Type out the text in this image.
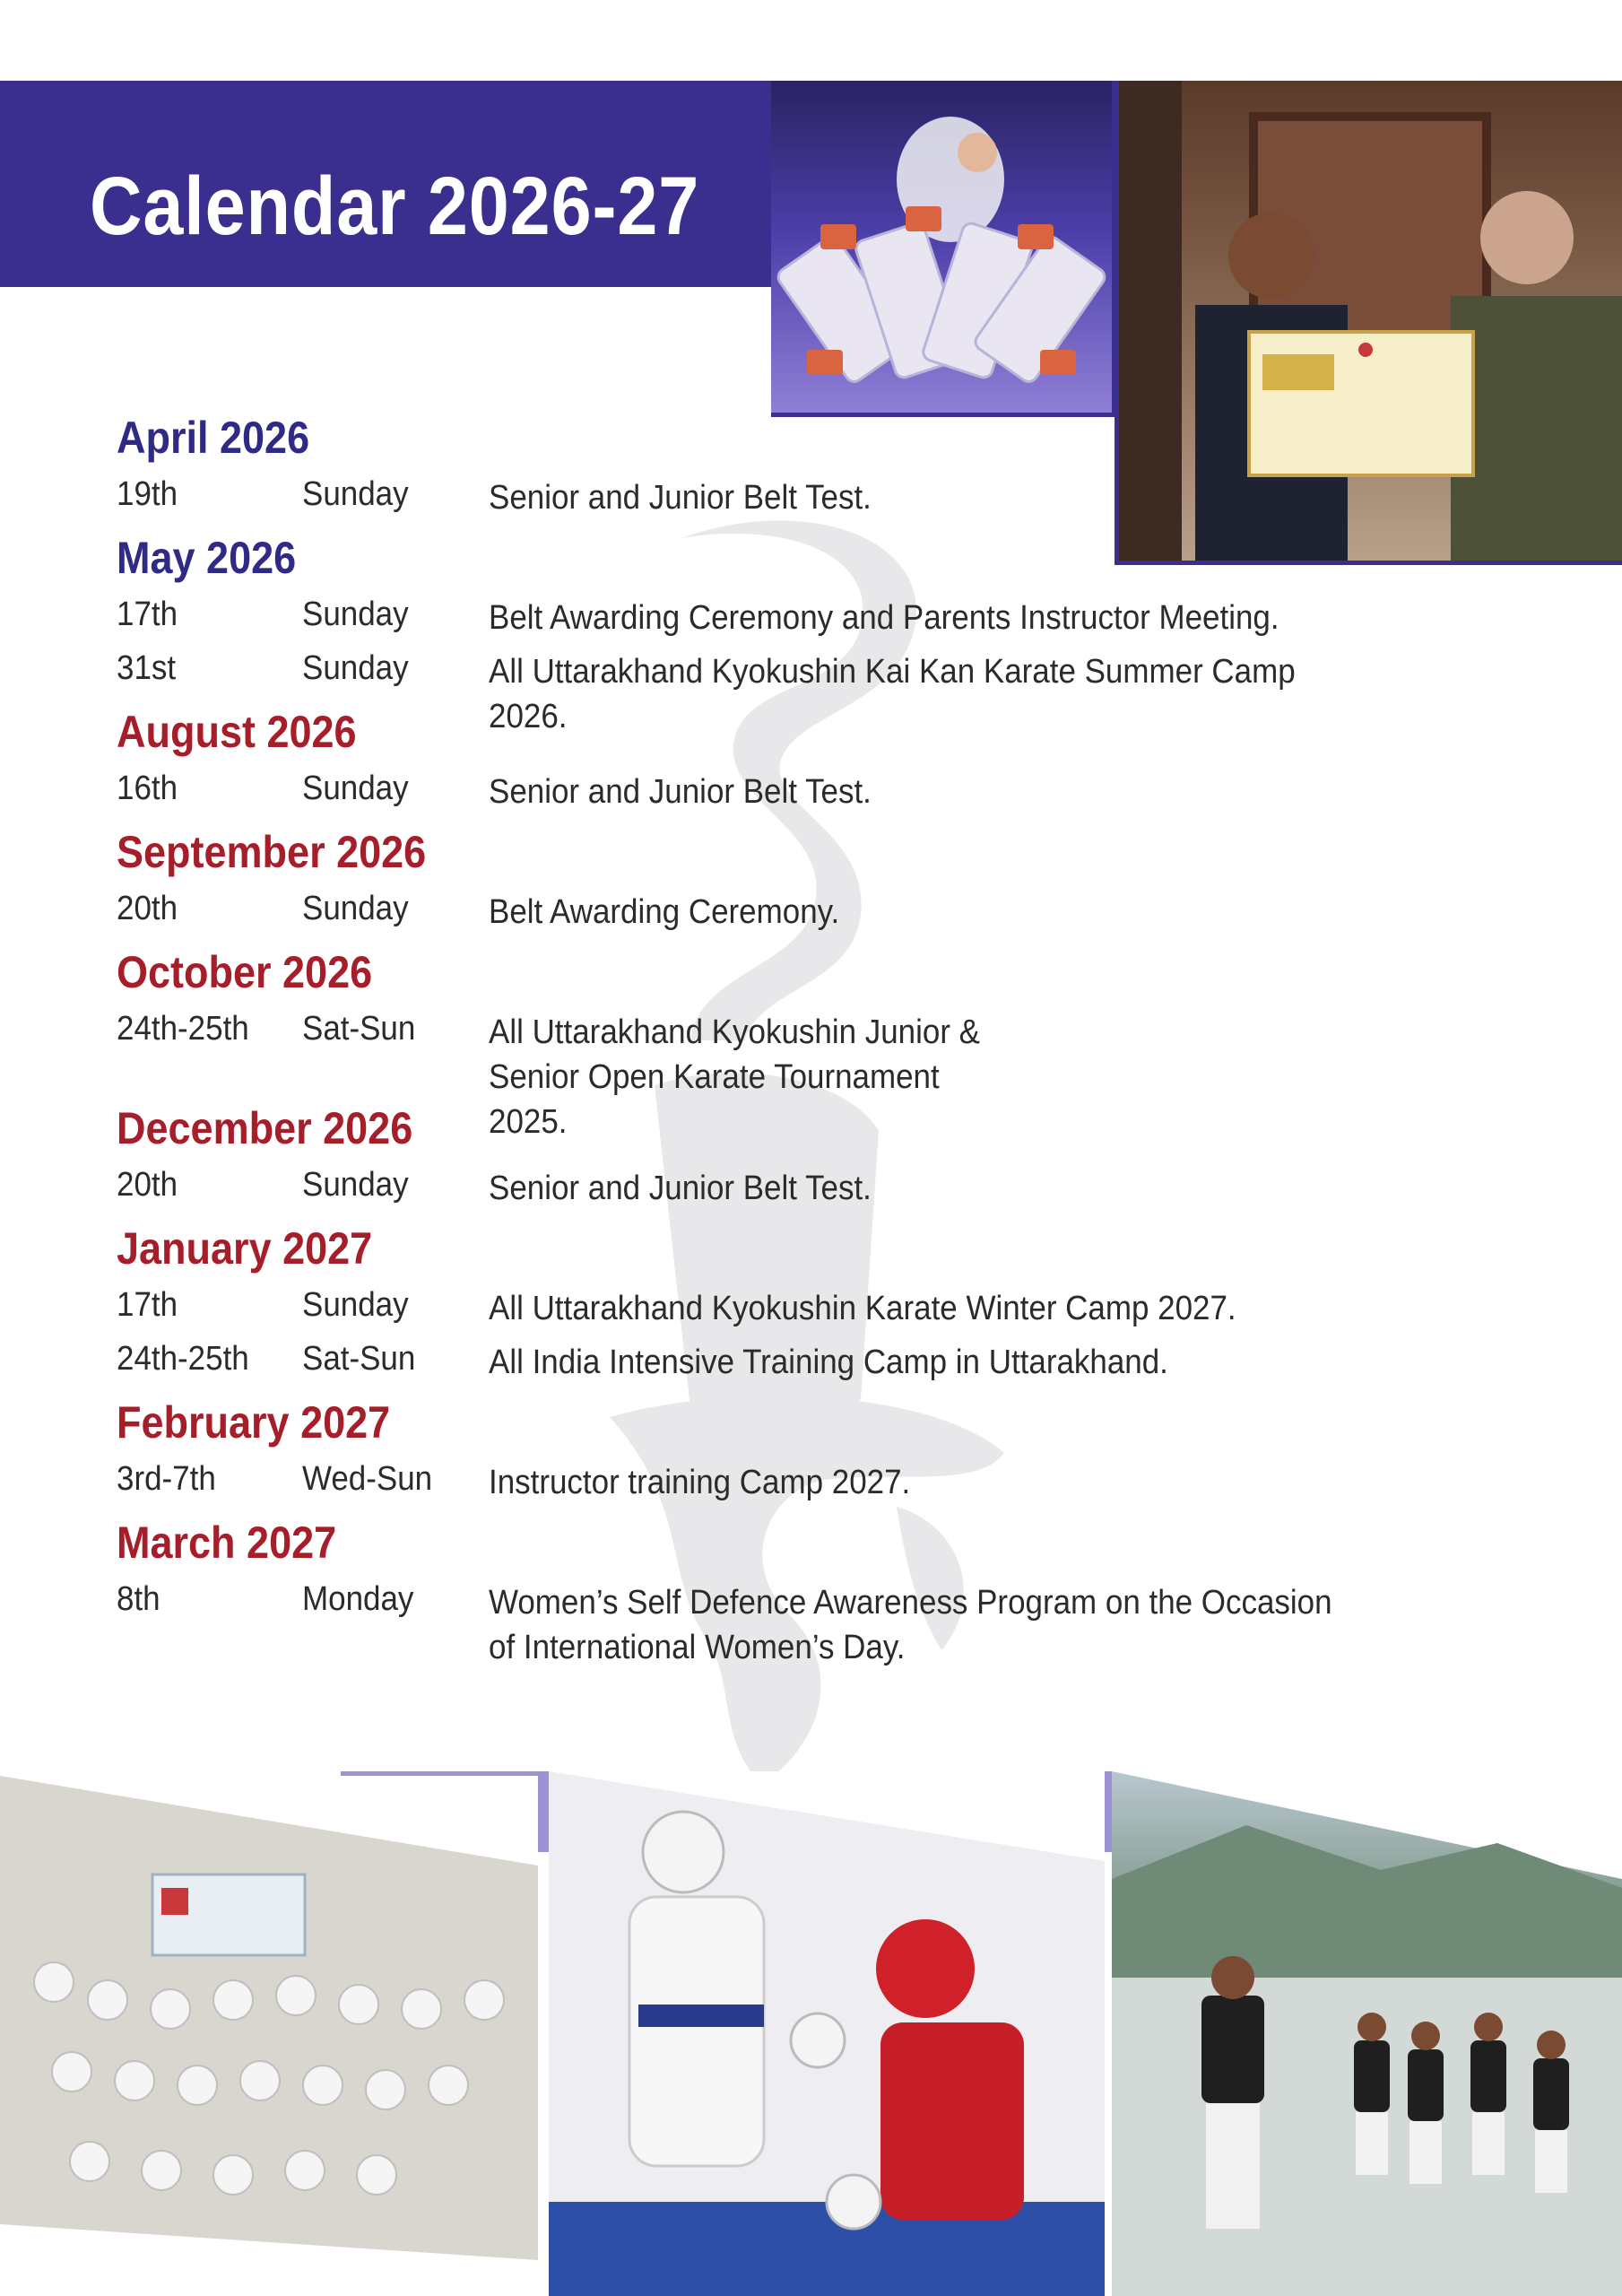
Calendar 2026-27
April 2026
19th	Sunday Senior and Junior Belt Test.
May 2026
17th	Sunday Belt Awarding Ceremony and Parents Instructor Meeting.
31st	Sunday All Uttarakhand Kyokushin Kai Kan Karate Summer Camp 2026.
August 2026
16th	Sunday Senior and Junior Belt Test.
September 2026
20th	Sunday Belt Awarding Ceremony.
October 2026
24th-25th Sat-Sun All Uttarakhand Kyokushin Junior & Senior Open Karate Tournament 2025.
December 2026
20th	Sunday Senior and Junior Belt Test.
January 2027
17th	Sunday All Uttarakhand Kyokushin Karate Winter Camp 2027.
24th-25th Sat-Sun All India Intensive Training Camp in Uttarakhand.
February 2027
3rd-7th	Wed-Sun Instructor training Camp 2027.
March 2027
8th	Monday Women’s Self Defence Awareness Program on the Occasion of International Women’s Day.
